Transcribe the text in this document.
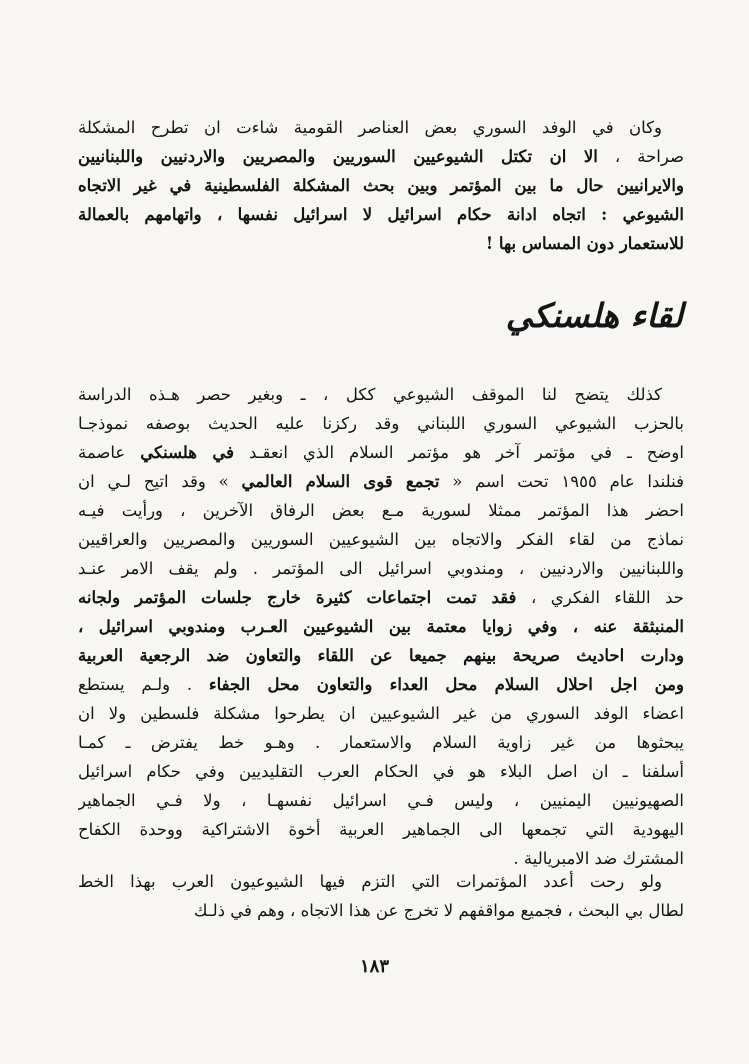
وكان في الوفد السوري بعض العناصر القومية شاءت ان تطرح المشكلة
صراحة ، الا ان تكتل الشيوعيين السوريين والمصريين والاردنيين واللبنانيين
والايرانيين حال ما بين المؤتمر وبين بحث المشكلة الفلسطينية في غير الاتجاه
الشيوعي : اتجاه ادانة حكام اسرائيل لا اسرائيل نفسها ، واتهامهم بالعمالة
للاستعمار دون المساس بها !
لقاء هلسنكي
كذلك يتضح لنا الموقف الشيوعي ككل ، ـ وبغير حصر هـذه الدراسة
بالحزب الشيوعي السوري اللبناني وقد ركزنا عليه الحديث بوصفه نموذجـا
اوضح ـ في مؤتمر آخر هو مؤتمر السلام الذي انعقـد في هلسنكي عاصمة
فنلندا عام ١٩٥٥ تحت اسم « تجمع قوى السلام العالمي » وقد اتيح لـي ان
احضر هذا المؤتمر ممثلا لسورية مـع بعض الرفاق الآخرين ، ورأيت فيـه
نماذج من لقاء الفكر والاتجاه بين الشيوعيين السوريين والمصريين والعراقيين
واللبنانيين والاردنيين ، ومندوبي اسرائيل الى المؤتمر . ولم يقف الامر عنـد
حد اللقاء الفكري ، فقد تمت اجتماعات كثيرة خارج جلسات المؤتمر ولجانه
المنبثقة عنه ، وفي زوايا معتمة بين الشيوعيين العـرب ومندوبي اسرائيل ،
ودارت احاديث صريحة بينهم جميعا عن اللقاء والتعاون ضد الرجعية العربية
ومن اجل احلال السلام محل العداء والتعاون محل الجفاء . ولـم يستطع
اعضاء الوفد السوري من غير الشيوعيين ان يطرحوا مشكلة فلسطين ولا ان
يبحثوها من غير زاوية السلام والاستعمار . وهـو خط يفترض ـ كمـا
أسلفنا ـ ان اصل البلاء هو في الحكام العرب التقليديين وفي حكام اسرائيل
الصهيونيين اليمنيين ، وليس فـي اسرائيل نفسهـا ، ولا فـي الجماهير
اليهودية التي تجمعها الى الجماهير العربية أخوة الاشتراكية ووحدة الكفاح
المشترك ضد الامبريالية .
ولو رحت أعدد المؤتمرات التي التزم فيها الشيوعيون العرب بهذا الخط
لطال بي البحث ، فجميع مواقفهم لا تخرج عن هذا الاتجاه ، وهم في ذلـك
١٨٣
